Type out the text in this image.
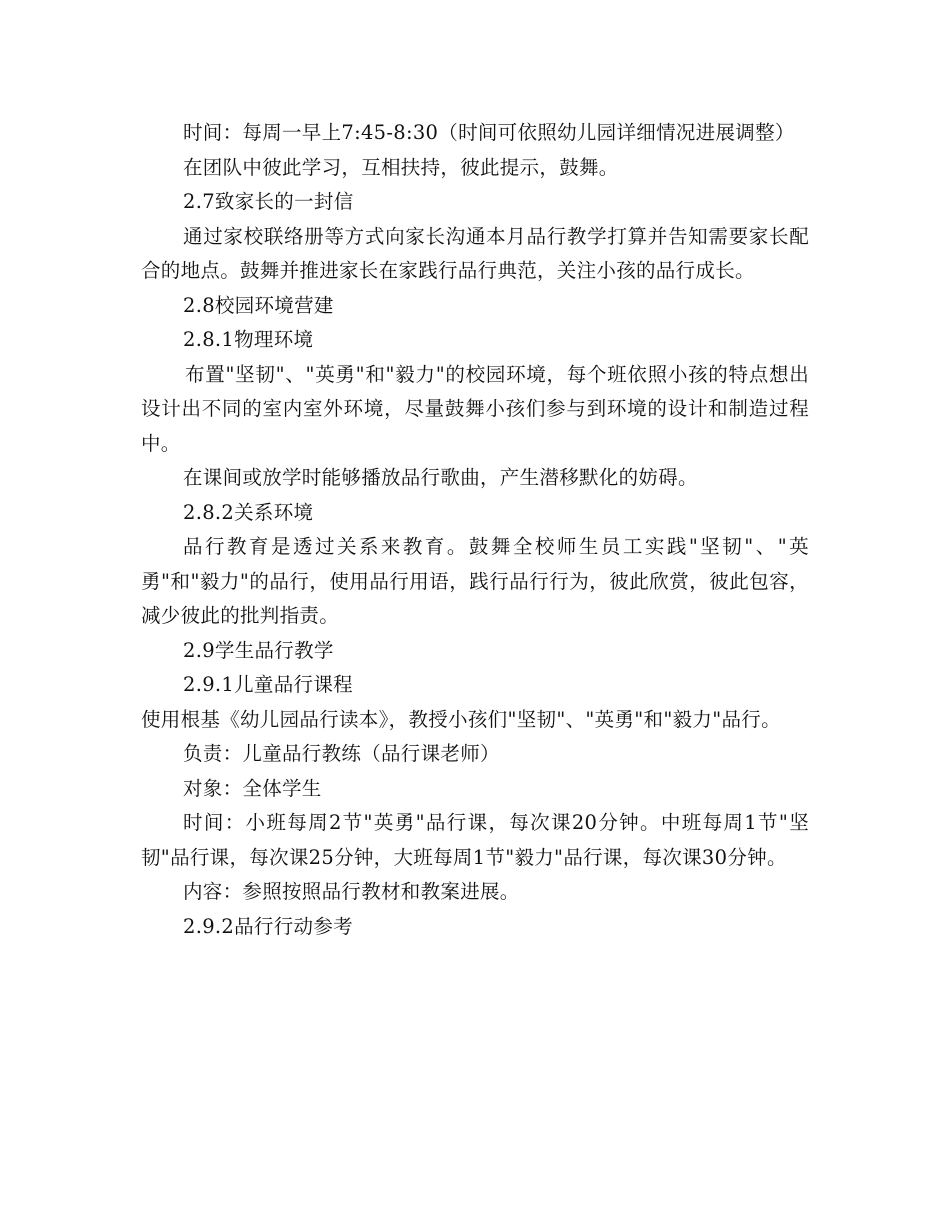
时间：每周一早上7:45-8:30（时间可依照幼儿园详细情况进展调整）

在团队中彼此学习，互相扶持，彼此提示，鼓舞。

2.7致家长的一封信

通过家校联络册等方式向家长沟通本月品行教学打算并告知需要家长配合的地点。鼓舞并推进家长在家践行品行典范，关注小孩的品行成长。

2.8校园环境营建

2.8.1物理环境

布置"坚韧"、"英勇"和"毅力"的校园环境，每个班依照小孩的特点想出设计出不同的室内室外环境，尽量鼓舞小孩们参与到环境的设计和制造过程中。

在课间或放学时能够播放品行歌曲，产生潜移默化的妨碍。

2.8.2关系环境

品行教育是透过关系来教育。鼓舞全校师生员工实践"坚韧"、"英勇"和"毅力"的品行，使用品行用语，践行品行行为，彼此欣赏，彼此包容，减少彼此的批判指责。

2.9学生品行教学

2.9.1儿童品行课程

使用根基《幼儿园品行读本》，教授小孩们"坚韧"、"英勇"和"毅力"品行。

负责：儿童品行教练（品行课老师）

对象：全体学生

时间：小班每周2节"英勇"品行课，每次课20分钟。中班每周1节"坚韧"品行课，每次课25分钟，大班每周1节"毅力"品行课，每次课30分钟。

内容：参照按照品行教材和教案进展。

2.9.2品行行动参考
